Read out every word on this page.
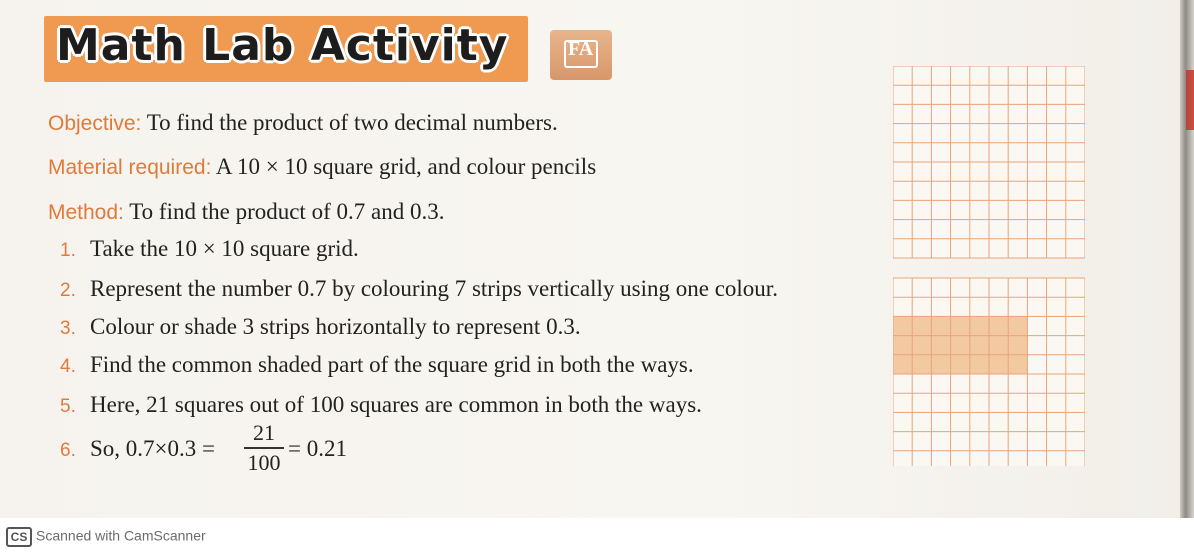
Math Lab Activity	FA
Objective: To find the product of two decimal numbers.
Material required: A 10 × 10 square grid, and colour pencils
Method: To find the product of 0.7 and 0.3.
1. Take the 10 × 10 square grid.
2. Represent the number 0.7 by colouring 7 strips vertically using one colour.
3. Colour or shade 3 strips horizontally to represent 0.3.
4. Find the common shaded part of the square grid in both the ways.
5. Here, 21 squares out of 100 squares are common in both the ways.
6. So, 0.7×0.3 =
21
100
= 0.21
CS Scanned with CamScanner
